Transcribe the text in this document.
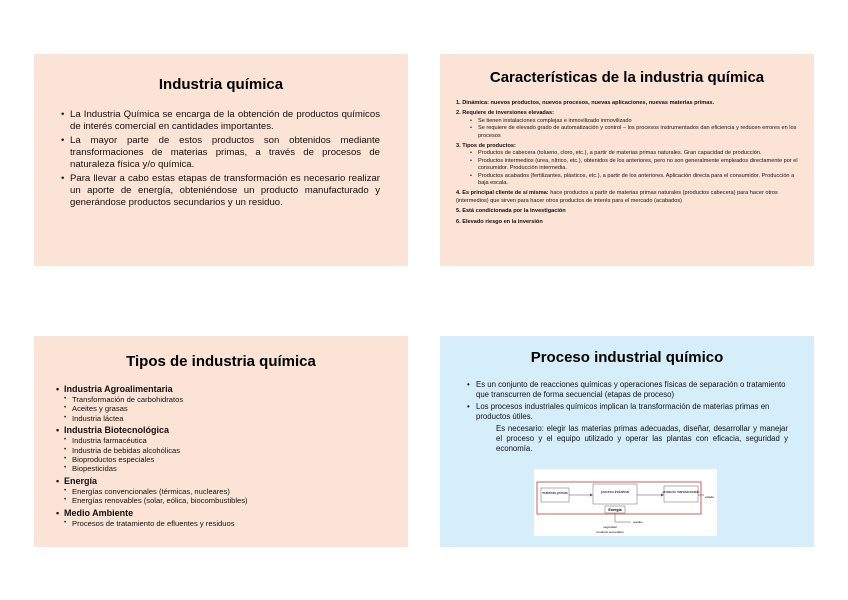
Industria química
• La Industria Química se encarga de la obtención de productos químicos de interés comercial en cantidades importantes.
• La mayor parte de estos productos son obtenidos mediante transformaciones de materias primas, a través de procesos de naturaleza física y/o química.
• Para llevar a cabo estas etapas de transformación es necesario realizar un aporte de energía, obteniéndose un producto manufacturado y generándose productos secundarios y un residuo.
Características de la industria química
1. Dinámica: nuevos productos, nuevos procesos, nuevas aplicaciones, nuevas materias primas.
2. Requiere de inversiones elevadas:
• Se tienen instalaciones complejas e inmovilizado inmovilizado
• Se requiere de elevado grado de automatización y control – los procesos instrumentados dan eficiencia y reducen errores en los procesos
3. Tipos de productos:
• Productos de cabecera (tolueno, cloro, etc.), a partir de materias primas naturales. Gran capacidad de producción.
• Productos intermedios (urea, nítrico, etc.), obtenidos de los anteriores, pero no son generalmente empleados directamente por el consumidor. Producción intermedia.
• Productos acabados (fertilizantes, plásticos, etc.), a partir de los anteriores. Aplicación directa para el consumidor. Producción a baja escala.
4. Es principal cliente de sí misma: hace productos a partir de materias primas naturales (productos cabecera) para hacer otros (intermedios) que sirven para hacer otros productos de interés para el mercado (acabados)
5. Está condicionada por la investigación
6. Elevado riesgo en la inversión
Tipos de industria química
• Industria Agroalimentaria
• Transformación de carbohidratos
• Aceites y grasas
• Industria láctea
• Industria Biotecnológica
• Industria farmacéutica
• Industria de bebidas alcohólicas
• Bioproductos especiales
• Biopesticidas
• Energía
• Energías convencionales (térmicas, nucleares)
• Energías renovables (solar, eólica, biocombustibles)
• Medio Ambiente
• Procesos de tratamiento de efluentes y residuos
Proceso industrial químico
• Es un conjunto de reacciones químicas y operaciones físicas de separación o tratamiento que transcurren de forma secuencial (etapas de proceso)
• Los procesos industriales químicos implican la transformación de materias primas en productos útiles.
Es necesario: elegir las materias primas adecuadas, diseñar, desarrollar y manejar el proceso y el equipo utilizado y operar las plantas con eficacia, seguridad y economía.
materias primas	proceso industrial
Energía
producto manufacturado
estado
residuo
seguridad
producto secundario
